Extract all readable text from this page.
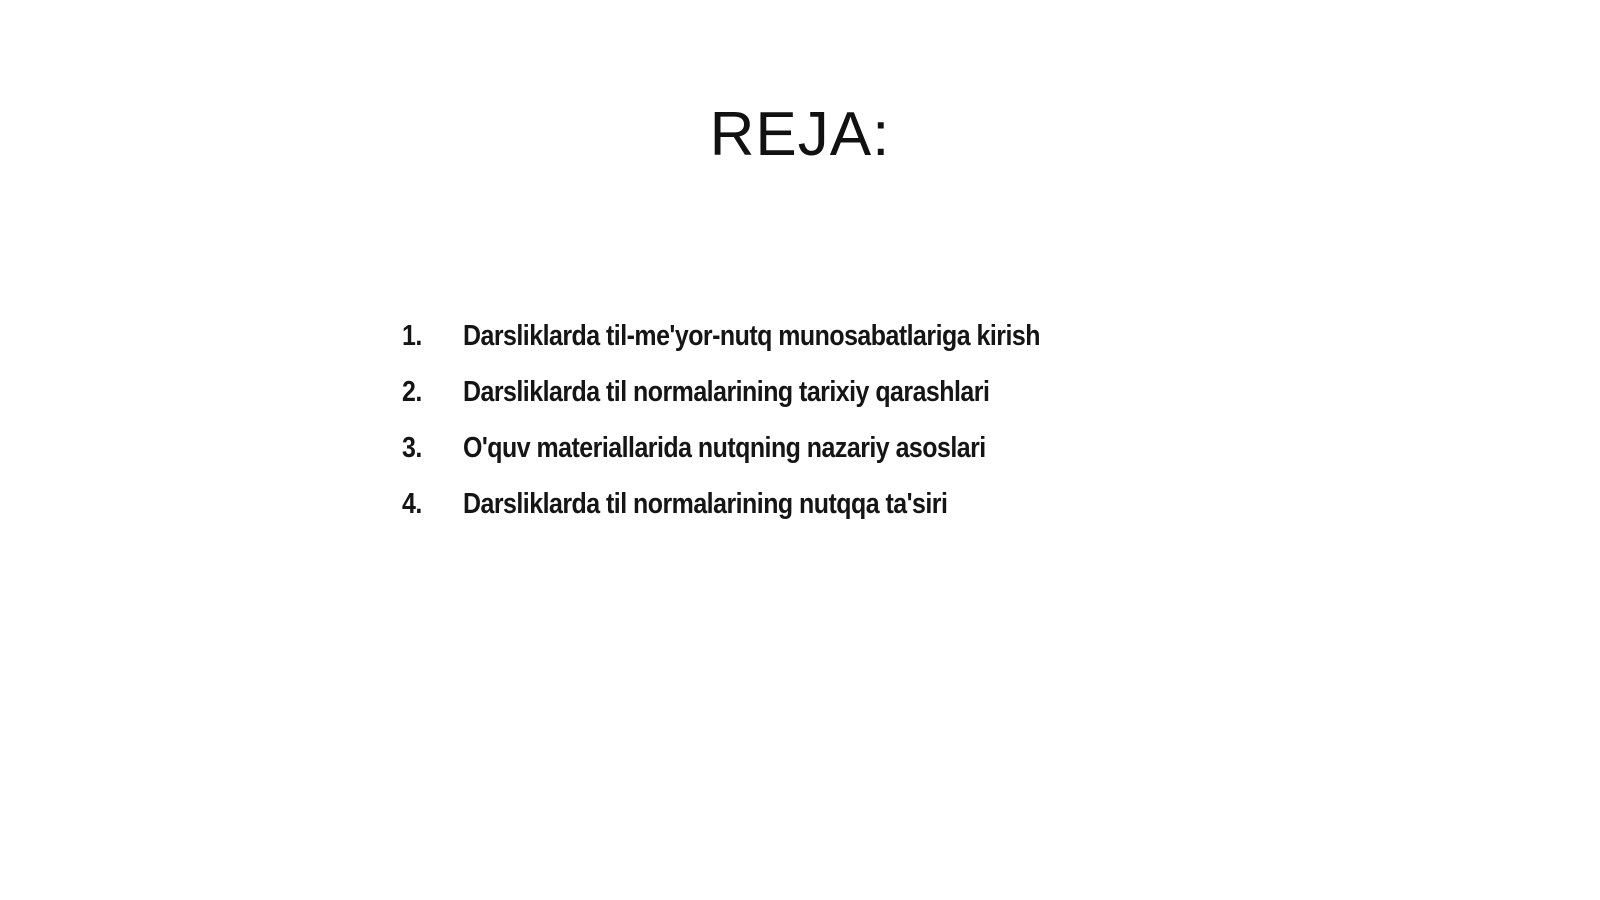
REJA:
1.	Darsliklarda til-me'yor-nutq munosabatlariga kirish
2.	Darsliklarda til normalarining tarixiy qarashlari
3.	O'quv materiallarida nutqning nazariy asoslari
4.	Darsliklarda til normalarining nutqqa ta'siri
